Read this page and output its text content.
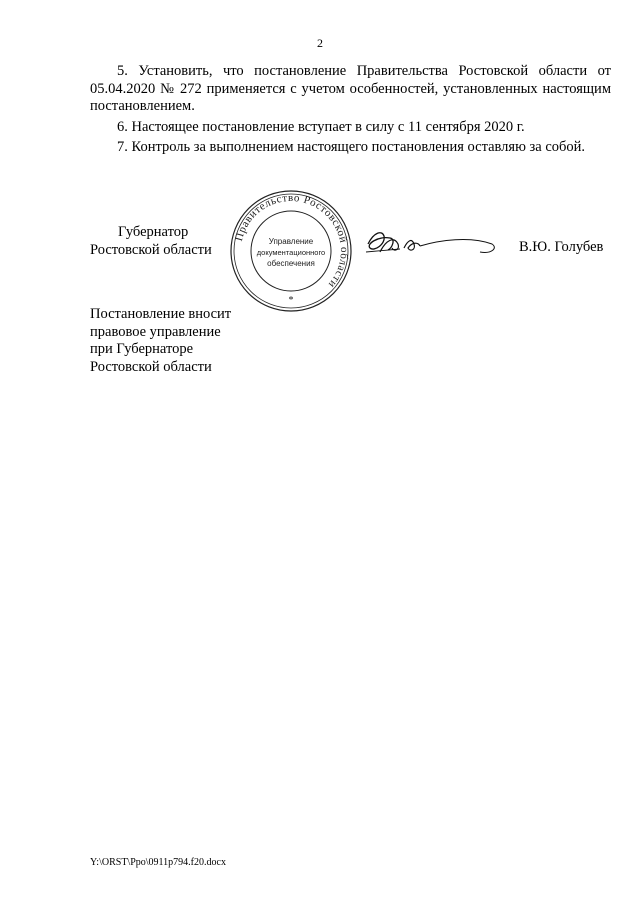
2

5. Установить, что постановление Правительства Ростовской области от 05.04.2020 № 272 применяется с учетом особенностей, установленных настоящим постановлением.

6. Настоящее постановление вступает в силу с 11 сентября 2020 г.

7. Контроль за выполнением настоящего постановления оставляю за собой.

Губернатор
Ростовской области
Правительство Ростовской области
Управление
документационного
обеспечения
*
В.Ю. Голубев
Постановление вносит
правовое управление
при Губернаторе
Ростовской области
Y:\ORST\Ppo\0911p794.f20.docx
